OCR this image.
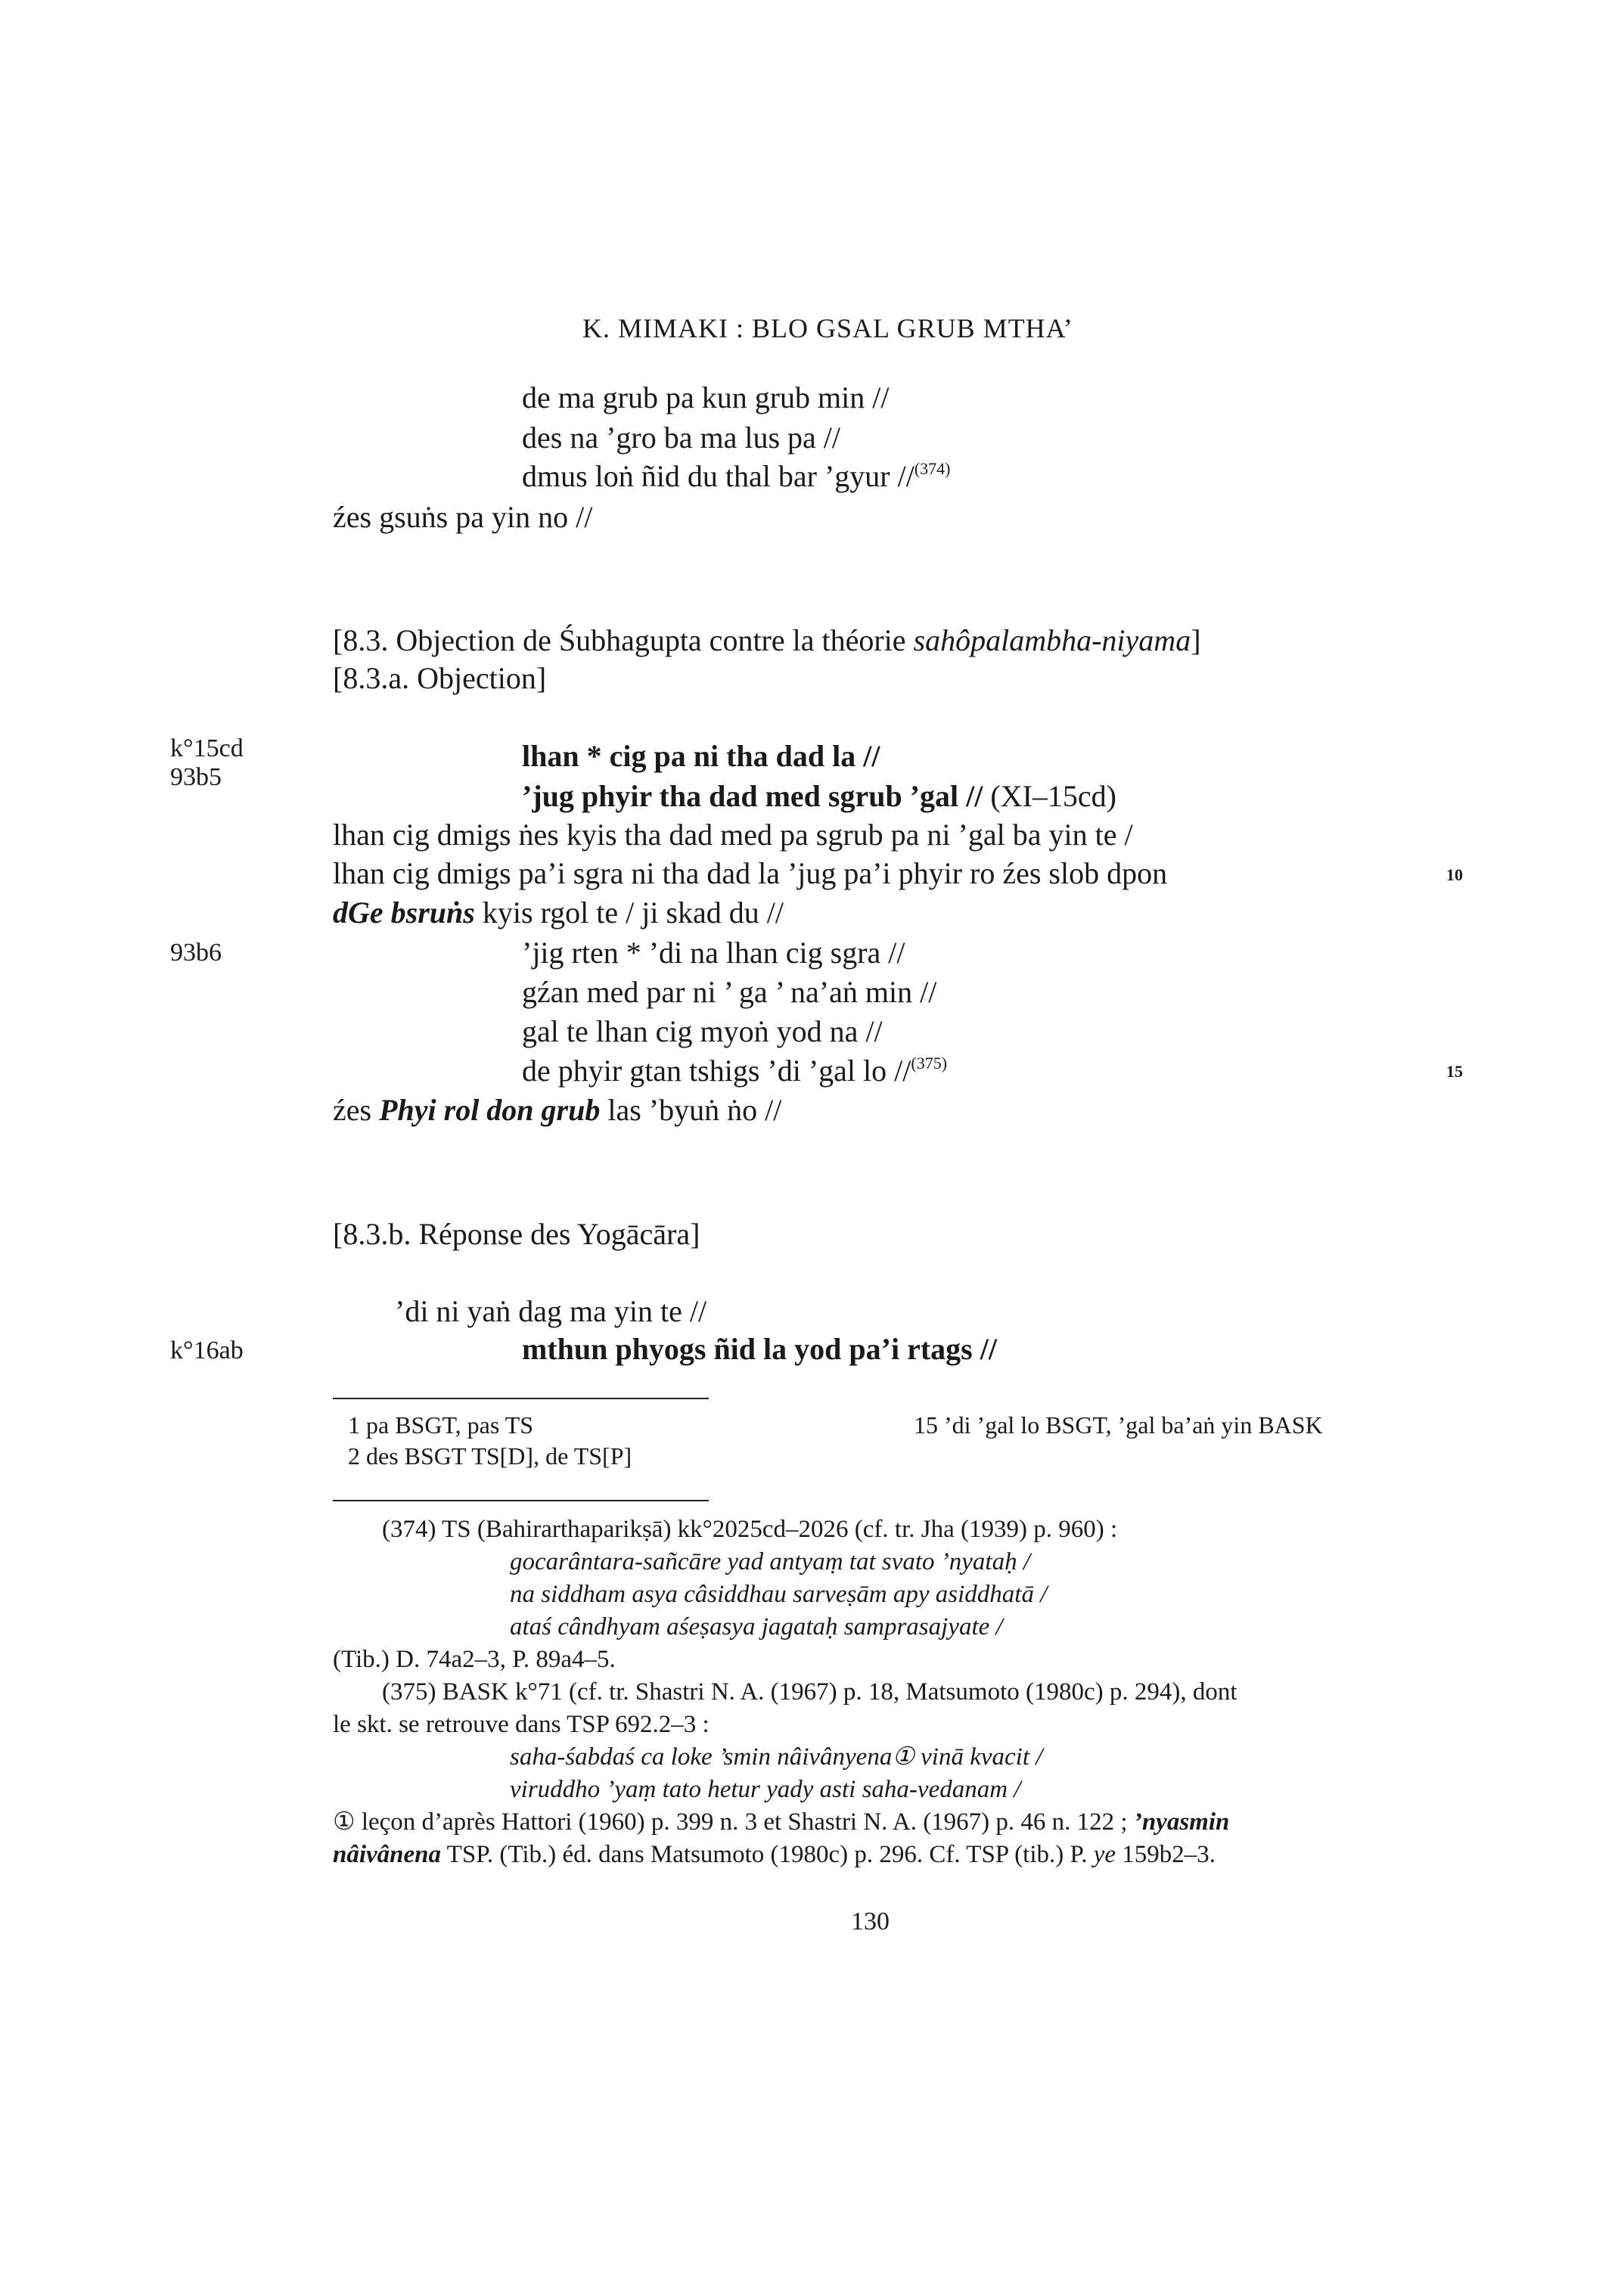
K. MIMAKI : BLO GSAL GRUB MTHA’
de ma grub pa kun grub min //
des na ’gro ba ma lus pa //
dmus loṅ ñid du thal bar ’gyur //$^{(374)}$
źes gsuṅs pa yin no //
[8.3. Objection de Śubhagupta contre la théorie sahôpalambha-niyama]
[8.3.a. Objection]
k°15cd
93b5
lhan * cig pa ni tha dad la //
’jug phyir tha dad med sgrub ’gal // (XI–15cd)
lhan cig dmigs ṅes kyis tha dad med pa sgrub pa ni ’gal ba yin te /
lhan cig dmigs pa’i sgra ni tha dad la ’jug pa’i phyir ro źes slob dpon	10
dGe bsruṅs kyis rgol te / ji skad du //
93b6	’jig rten * ’di na lhan cig sgra //
gźan med par ni ’ ga ’ na’aṅ min //
gal te lhan cig myoṅ yod na //
de phyir gtan tshigs ’di ’gal lo //$^{(375)}$	15
źes Phyi rol don grub las ’byuṅ ṅo //
[8.3.b. Réponse des Yogācāra]
’di ni yaṅ dag ma yin te //
k°16ab	mthun phyogs ñid la yod pa’i rtags //
1 pa BSGT, pas TS
2 des BSGT TS[D], de TS[P]
15 ’di ’gal lo BSGT, ’gal ba’aṅ yin BASK
(374) TS (Bahirarthaparikṣā) kk°2025cd–2026 (cf. tr. Jha (1939) p. 960) :
gocarântara-sañcāre yad antyaṃ tat svato ’nyataḥ /
na siddham asya câsiddhau sarveṣām apy asiddhatā /
ataś cândhyam aśeṣasya jagataḥ samprasajyate /
(Tib.) D. 74a2–3, P. 89a4–5.
(375) BASK k°71 (cf. tr. Shastri N. A. (1967) p. 18, Matsumoto (1980c) p. 294), dont
le skt. se retrouve dans TSP 692.2–3 :
saha-śabdaś ca loke ’smin nâivânyena① vinā kvacit /
viruddho ’yaṃ tato hetur yady asti saha-vedanam /
① leçon d’après Hattori (1960) p. 399 n. 3 et Shastri N. A. (1967) p. 46 n. 122 ; ’nyasmin
nâivânena TSP. (Tib.) éd. dans Matsumoto (1980c) p. 296. Cf. TSP (tib.) P. ye 159b2–3.
130
